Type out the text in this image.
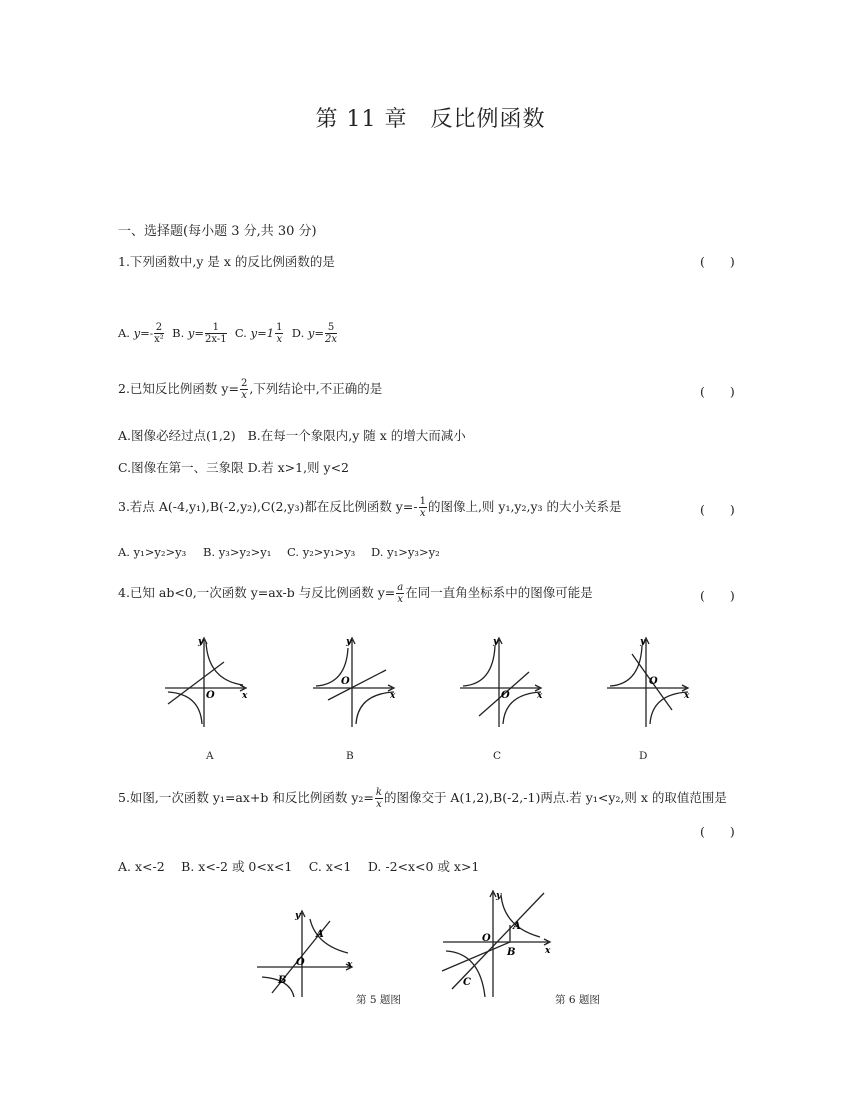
第 11 章　反比例函数
一、选择题(每小题 3 分,共 30 分)
1.下列函数中,y 是 x 的反比例函数的是	(　　)
A. $y=- \frac{2}{\text{x²}} B$. $y= \frac{1}{2x-1} C$. $y=1 \frac{1}{x} D$. $y= \frac{5}{2x}$
2.已知反比例函数 $y= \frac{2}{x}$,下列结论中,不正确的是	(　　)
A.图像必经过点(1,2) B.在每一个象限内,y 随 x 的增大而减小
C.图像在第一、三象限 D.若 x>1,则 y<2
3.若点 A(-4,y₁),B(-2,y₂),C(2,y₃)都在反比例函数 $y=- \frac{1}{x}$的图像上,则 y₁,y₂,y₃ 的大小关系是	(　　)
A. y₁>y₂>y₃ B. y₃>y₂>y₁ C. y₂>y₁>y₃ D. y₁>y₃>y₂
4.已知 ab<0,一次函数 y=ax-b 与反比例函数 $y= \frac{a}{x}$在同一直角坐标系中的图像可能是	(　　)
y
x
O
y
x
O
y
x
O
y
x
O
A	B	C	D
5.如图,一次函数 y₁=ax+b 和反比例函数 $y_2= \frac{k}{x}$的图像交于 A(1,2),B(-2,-1)两点.若 y₁<y₂,则 x 的取值范围是
(　　)
A. x<-2　 B. x<-2 或 0<x<1　 C. x<1　 D. -2<x<0 或 x>1
y
x
O
A
B
第 5 题图
y
x
O
A
B
C
第 6 题图
